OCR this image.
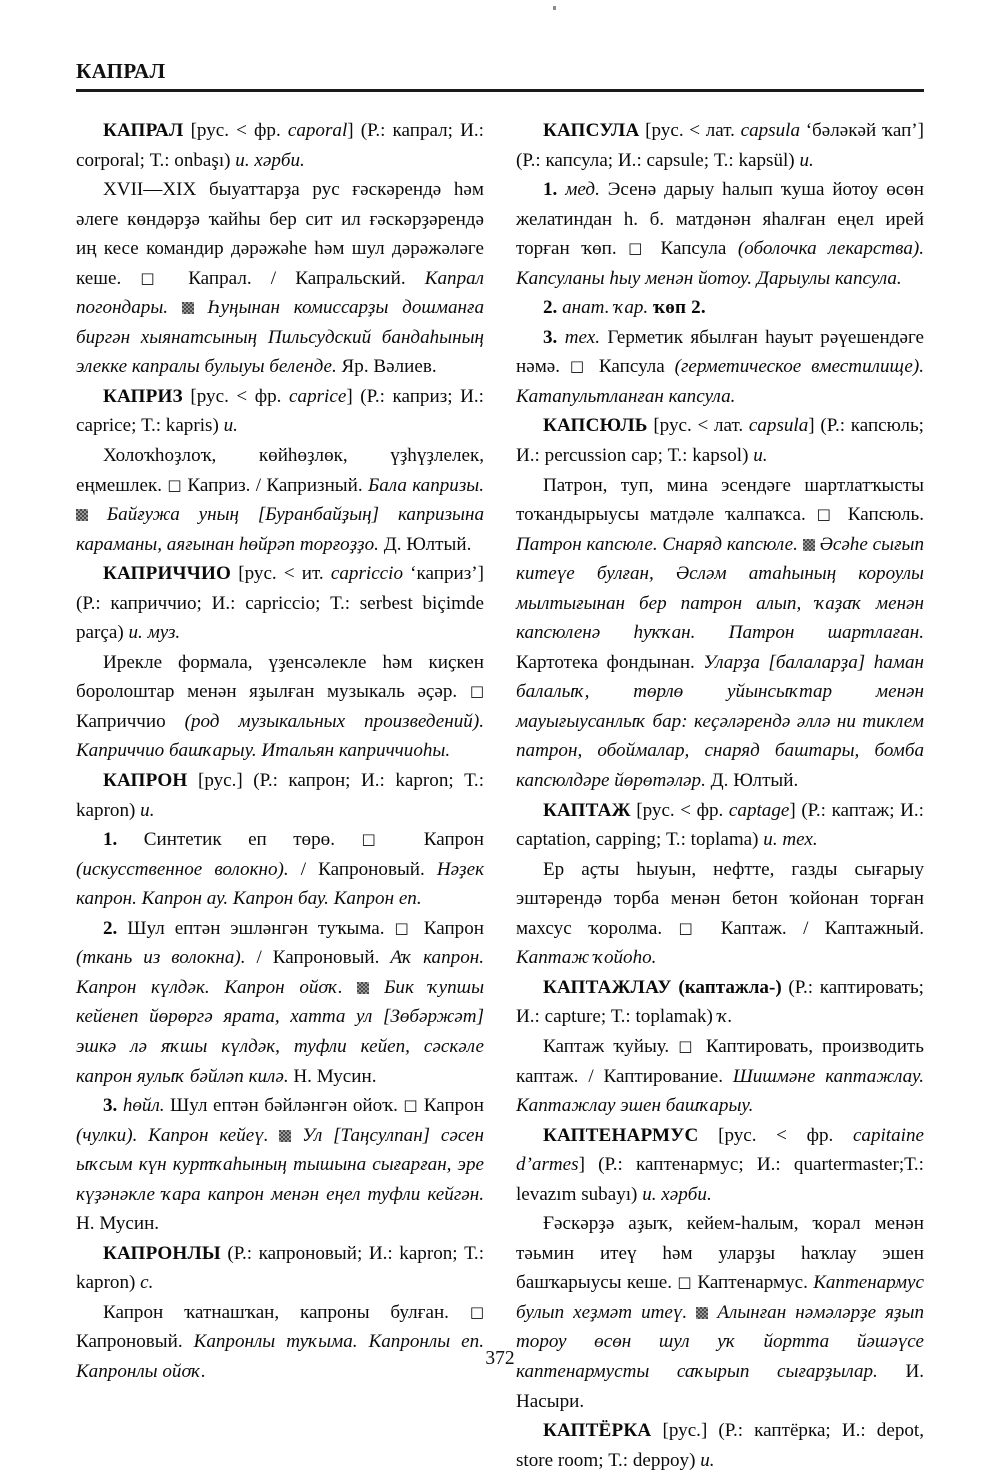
КАПРАЛ

КАПРАЛ [рус. < фр. caporal] (Р.: капрал; И.: corporal; Т.: onbaşı) и. хәрби.

XVII—XIX быуаттарҙа рус ғәскәрендә һәм әлеге көндәрҙә ҡайһы бер сит ил ғәскәрҙәрендә иң кесе командир дәрәжәһе һәм шул дәрәжәләге кеше. □ Капрал. / Капральский. Капрал погондары.  Һуңынан комиссарҙы дошманға биргән хыянатсының Пильсудский бандаһының элекке капралы булыуы беленде. Яр. Вәлиев.

КАПРИЗ [рус. < фр. caprice] (Р.: каприз; И.: caprice; Т.: kapris) и.

Холоҡһоҙлоҡ, көйһөҙлөк, үҙһүҙлелек, еңмешлек. □ Каприз. / Капризный. Бала капризы.  Байғужа уның [Буранбайҙың] капризына караманы, аяғынан һөйрәп торғоҙҙо. Д. Юлтый.

КАПРИЧЧИО [рус. < ит. capriccio ‘каприз’] (Р.: каприччио; И.: capriccio; Т.: serbest biçimde parça) и. муз.

Ирекле формала, үҙенсәлекле һәм киҫкен боролоштар менән яҙылған музыкаль әҫәр. □ Каприччио (род музыкальных произведений). Каприччио башҡарыу. Итальян каприччиоһы.

КАПРОН [рус.] (Р.: капрон; И.: kapron; Т.: kapron) и.

1. Синтетик еп төрө. □ Капрон (искусственное волокно). / Капроновый. Нәҙек капрон. Капрон ау. Капрон бау. Капрон еп.

2. Шул ептән эшләнгән туҡыма. □ Капрон (ткань из волокна). / Капроновый. Аҡ капрон. Капрон күлдәк. Капрон ойоҡ.  Бик ҡупшы кейенеп йөрөргә ярата, хатта ул [Зөбәржәт] эшкә лә яҡшы күлдәк, туфли кейеп, сәскәле капрон яулыҡ бәйләп килә. Н. Мусин.

3. һөйл. Шул ептән бәйләнгән ойоҡ. □ Капрон (чулки). Капрон кейеү.  Ул [Таңсулпан] сәсен ыҡсым күн куртҡаһының тышына сығарған, эре күҙәнәкле ҡара капрон менән еңел туфли кейгән. Н. Мусин.

КАПРОНЛЫ (Р.: капроновый; И.: kapron; Т.: kapron) с.

Капрон ҡатнашҡан, капроны булған. □ Капроновый. Капронлы туҡыма. Капронлы еп. Капронлы ойоҡ.

КАПСУЛА [рус. < лат. capsula ‘бәләкәй ҡап’] (Р.: капсула; И.: capsule; Т.: kapsül) и.

1. мед. Эсенә дарыу һалып ҡуша йотоу өсөн желатиндан һ. б. матдәнән яһалған еңел ирей торған ҡөп. □ Капсула (оболочка лекарства). Капсуланы һыу менән йотоу. Дарыулы капсула.

2. анат. ҡар. ҡөп 2.

3. тех. Герметик ябылған һауыт рәүешендәге нәмә. □ Капсула (герметическое вместилище). Катапультланған капсула.

КАПСЮЛЬ [рус. < лат. capsula] (Р.: капсюль; И.: percussion cap; Т.: kapsol) и.

Патрон, туп, мина эсендәге шартлатҡысты тоҡандырыусы матдәле ҡалпаҡса. □ Капсюль. Патрон капсюле. Снаряд капсюле.  Әсәһе сығып китеүе булған, Әсләм атаһының короулы мылтығынан бер патрон алып, ҡаҙаҡ менән капсюленә һуҡҡан. Патрон шартлаған. Картотека фондынан. Уларҙа [балаларҙа] һаман балалыҡ, төрлө уйынсыҡтар менән мауығыусанлыҡ бар: кеҫәләрендә әллә ни тиклем патрон, обоймалар, снаряд баштары, бомба капсюлдәре йөрөтәләр. Д. Юлтый.

КАПТАЖ [рус. < фр. captage] (Р.: каптаж; И.: captation, capping; Т.: toplama) и. тех.

Ер аҫты һыуын, нефтте, газды сығарыу эштәрендә торба менән бетон ҡойонан торған махсус ҡоролма. □ Каптаж. / Каптажный. Каптаж ҡойоһо.

КАПТАЖЛАУ (каптажла-) (Р.: каптировать; И.: capture; Т.: toplamak) ҡ.

Каптаж ҡуйыу. □ Каптировать, производить каптаж. / Каптирование. Шишмәне каптажлау. Каптажлау эшен башҡарыу.

КАПТЕНАРМУС [рус. < фр. capitaine d’armes] (Р.: каптенармус; И.: quartermaster;Т.: levazım subayı) и. хәрби.

Ғәскәрҙә аҙыҡ, кейем-һалым, ҡорал менән тәьмин итеү һәм уларҙы һаҡлау эшен башҡарыусы кеше. □ Каптенармус. Каптенармус булып хеҙмәт итеү.  Алынған нәмәләрҙе яҙып тороу өсөн шул уҡ йортта йәшәүсе каптенармусты саҡырып сығарҙылар. И. Насыри.

КАПТЁРКА [рус.] (Р.: каптёрка; И.: depot, store room; Т.: deppoy) и.

372
